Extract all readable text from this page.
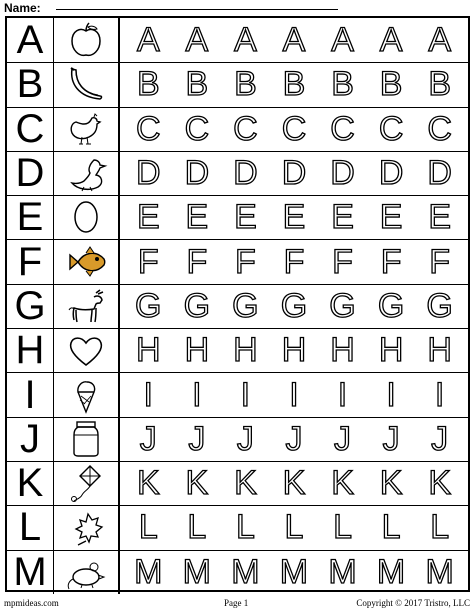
Name:
A	A A A A A A A
B	B B B B B B B
C	C C C C C C C
D	D D D D D D D
E	E E E E E E E
F	F F F F F F F
G	G G G G G G G
H	H H H H H H H
I	I	I	I	I	I	I	I
J	J J J J J J J
K	K K K K K K K
L	L L L L L L L
M	M M M M M M M
mpmideas.com	Page 1	Copyright © 2017 Tristro, LLC
